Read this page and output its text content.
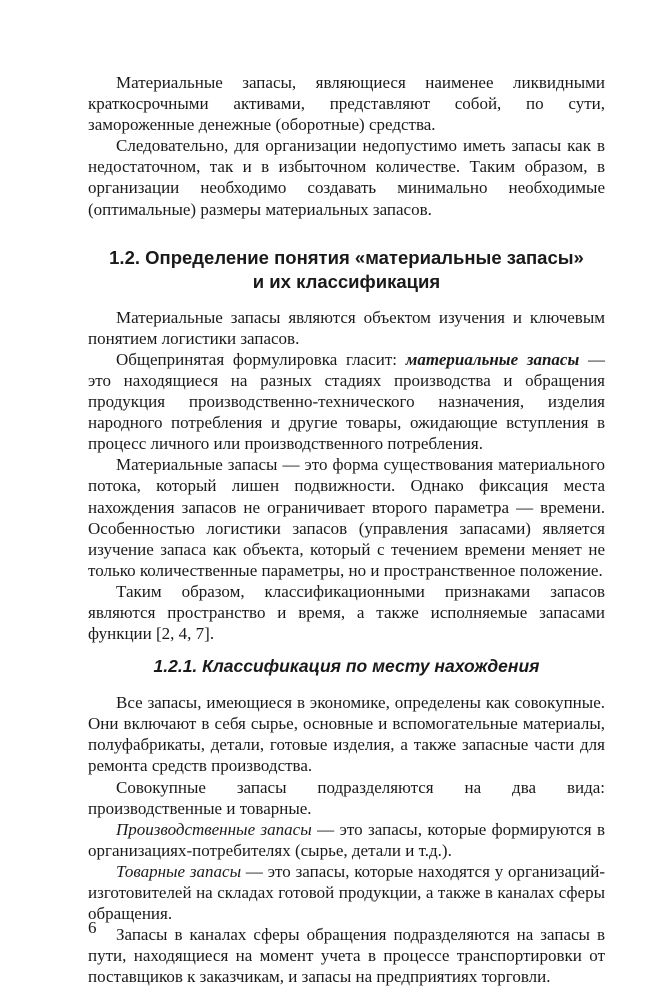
Материальные запасы, являющиеся наименее ликвидными краткосрочными активами, представляют собой, по сути, замороженные денежные (оборотные) средства.

Следовательно, для организации недопустимо иметь запасы как в недостаточном, так и в избыточном количестве. Таким образом, в организации необходимо создавать минимально необходимые (оптимальные) размеры материальных запасов.

1.2. Определение понятия «материальные запасы»
и их классификация

Материальные запасы являются объектом изучения и ключевым понятием логистики запасов.

Общепринятая формулировка гласит: материальные запасы — это находящиеся на разных стадиях производства и обращения продукция производственно-технического назначения, изделия народного потребления и другие товары, ожидающие вступления в процесс личного или производственного потребления.

Материальные запасы — это форма существования материального потока, который лишен подвижности. Однако фиксация места нахождения запасов не ограничивает второго параметра — времени. Особенностью логистики запасов (управления запасами) является изучение запаса как объекта, который с течением времени меняет не только количественные параметры, но и пространственное положение.

Таким образом, классификационными признаками запасов являются пространство и время, а также исполняемые запасами функции [2, 4, 7].

1.2.1. Классификация по месту нахождения

Все запасы, имеющиеся в экономике, определены как совокупные. Они включают в себя сырье, основные и вспомогательные материалы, полуфабрикаты, детали, готовые изделия, а также запасные части для ремонта средств производства.

Совокупные запасы подразделяются на два вида: производственные и товарные.

Производственные запасы — это запасы, которые формируются в организациях-потребителях (сырье, детали и т.д.).

Товарные запасы — это запасы, которые находятся у организаций-изготовителей на складах готовой продукции, а также в каналах сферы обращения.

Запасы в каналах сферы обращения подразделяются на запасы в пути, находящиеся на момент учета в процессе транспортировки от поставщиков к заказчикам, и запасы на предприятиях торговли.

6
